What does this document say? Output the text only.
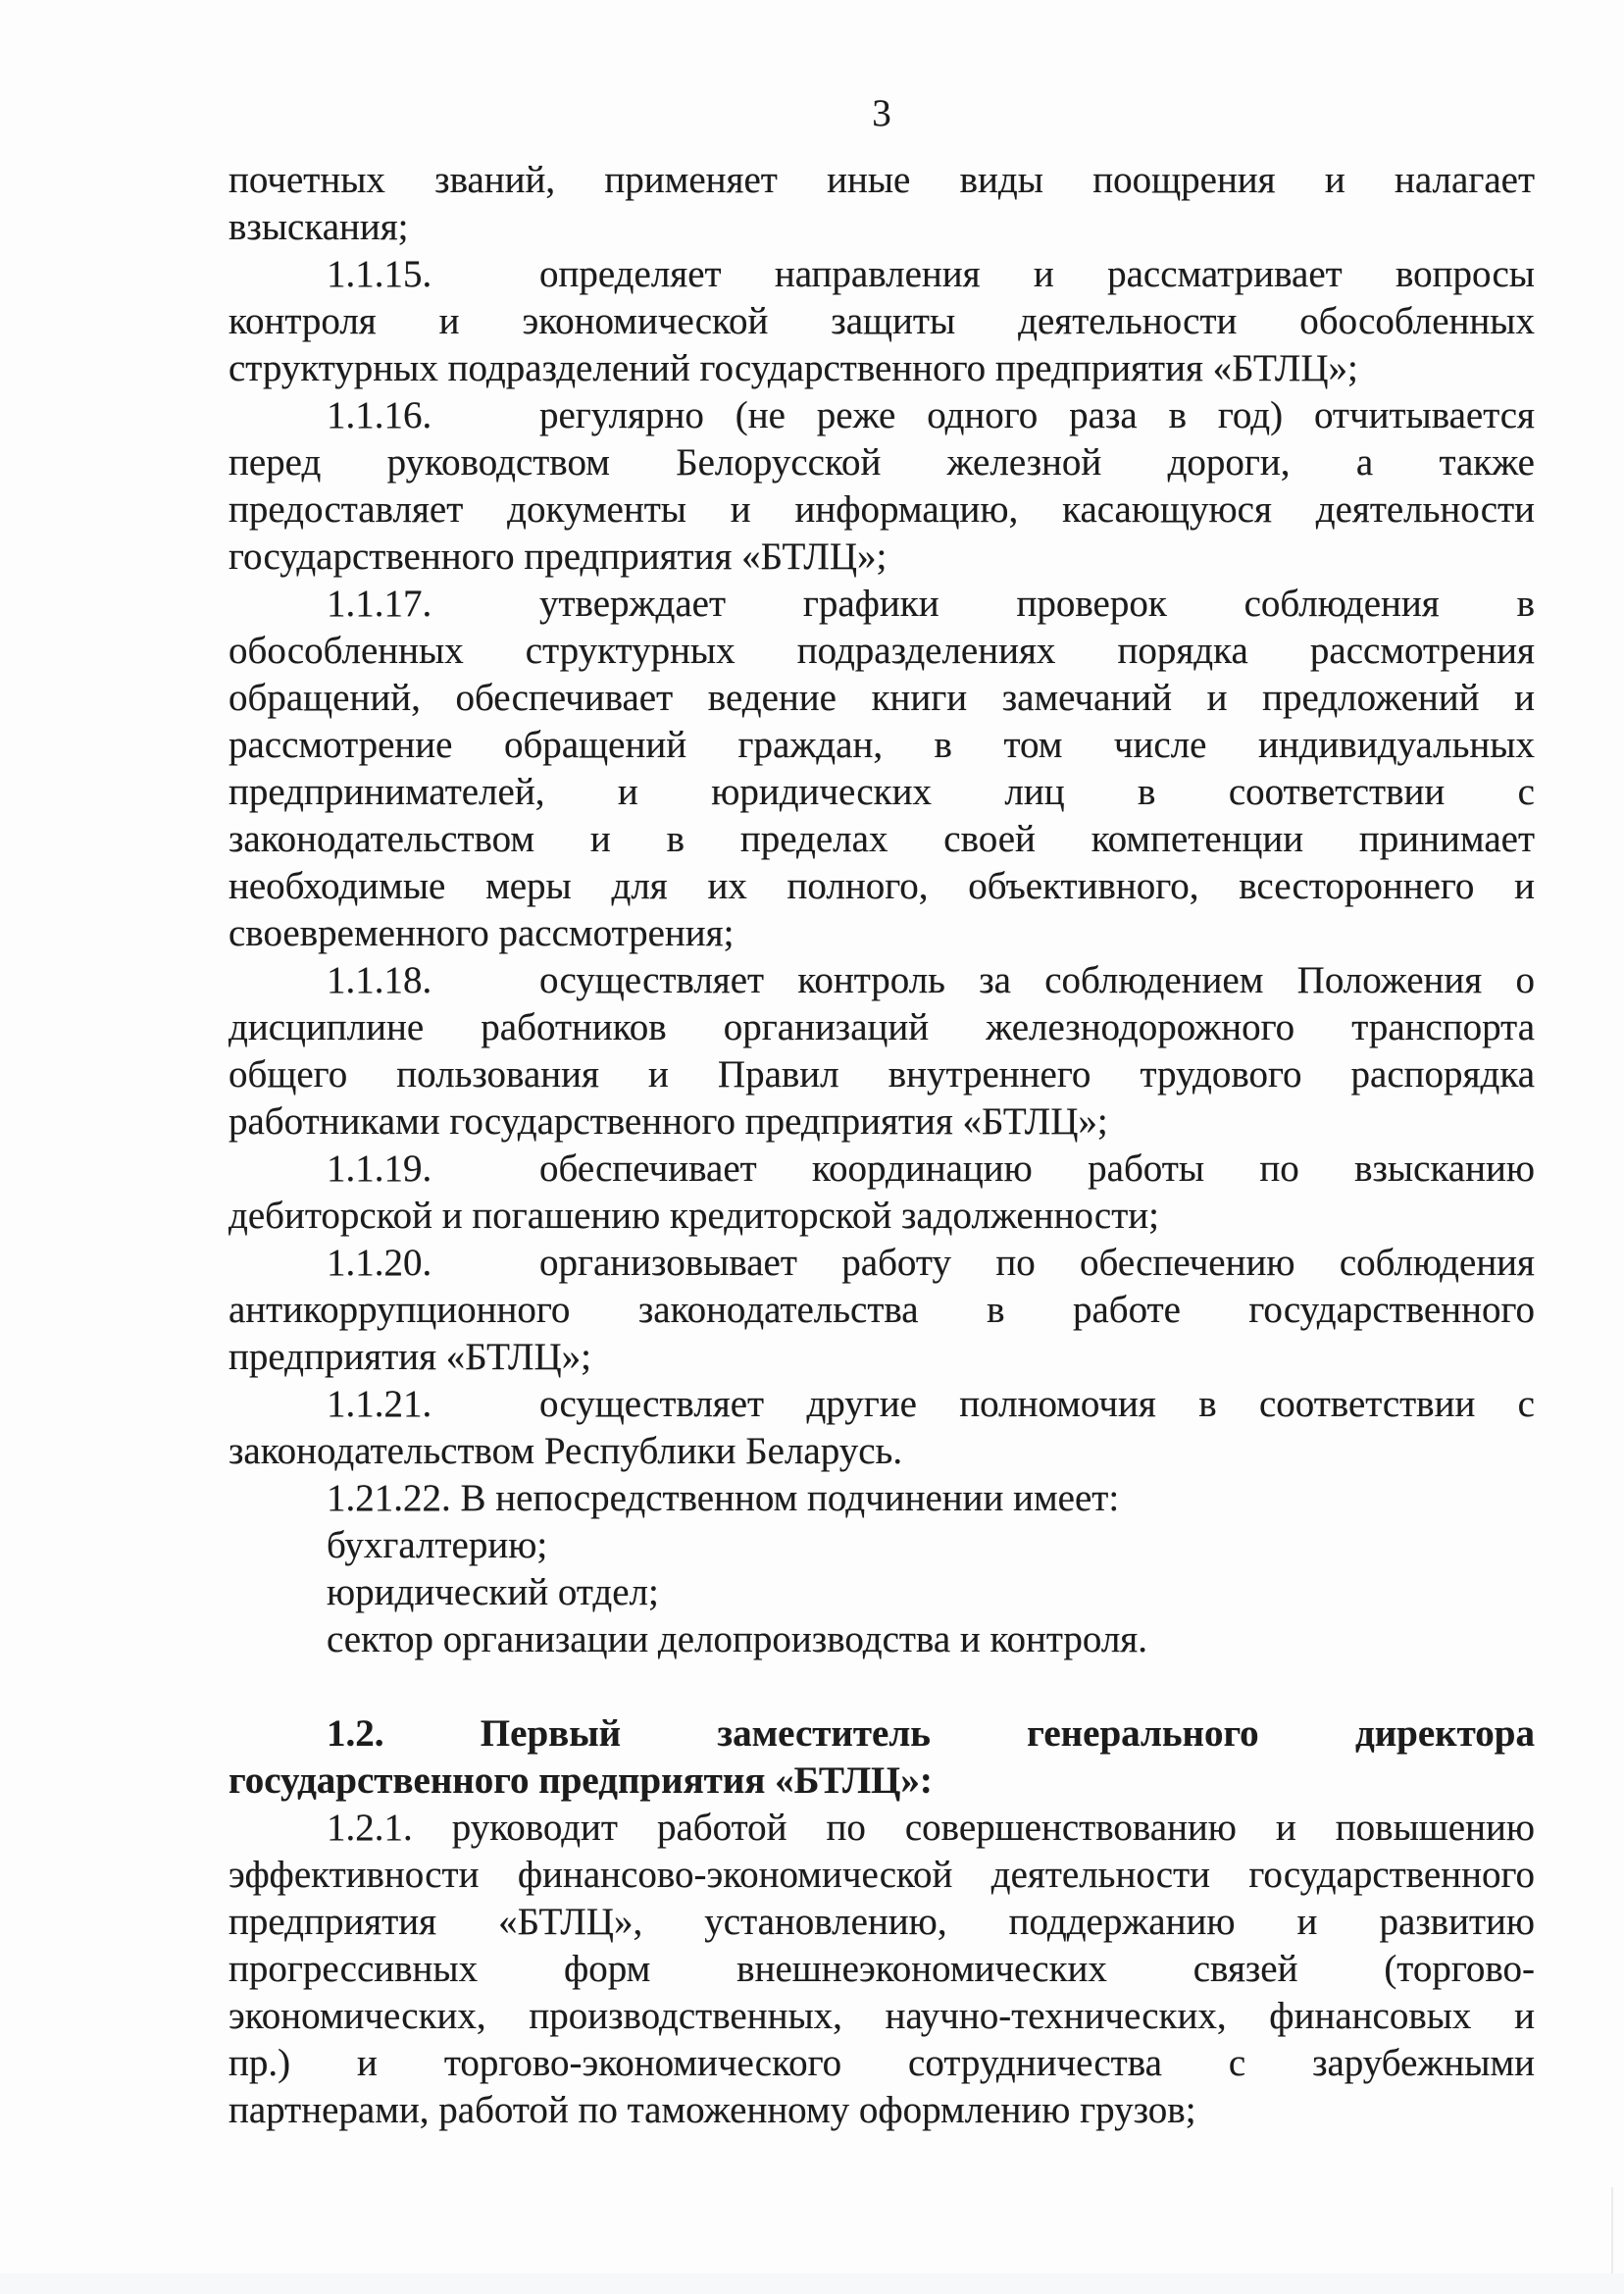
3
почетных званий, применяет иные виды поощрения и налагает
взыскания;
1.1.15.	определяет направления и рассматривает вопросы
контроля и экономической защиты деятельности обособленных
структурных подразделений государственного предприятия «БТЛЦ»;
1.1.16.	регулярно (не реже одного раза в год) отчитывается
перед руководством Белорусской железной дороги, а также
предоставляет документы и информацию, касающуюся деятельности
государственного предприятия «БТЛЦ»;
1.1.17.	утверждает графики проверок соблюдения в
обособленных структурных подразделениях порядка рассмотрения
обращений, обеспечивает ведение книги замечаний и предложений и
рассмотрение обращений граждан, в том числе индивидуальных
предпринимателей, и юридических лиц в соответствии с
законодательством и в пределах своей компетенции принимает
необходимые меры для их полного, объективного, всестороннего и
своевременного рассмотрения;
1.1.18.	осуществляет контроль за соблюдением Положения о
дисциплине работников организаций железнодорожного транспорта
общего пользования и Правил внутреннего трудового распорядка
работниками государственного предприятия «БТЛЦ»;
1.1.19.	обеспечивает координацию работы по взысканию
дебиторской и погашению кредиторской задолженности;
1.1.20.	организовывает работу по обеспечению соблюдения
антикоррупционного законодательства в работе государственного
предприятия «БТЛЦ»;
1.1.21.	осуществляет другие полномочия в соответствии с
законодательством Республики Беларусь.
1.21.22. В непосредственном подчинении имеет:
бухгалтерию;
юридический отдел;
сектор организации делопроизводства и контроля.
1.2. Первый заместитель генерального директора
государственного предприятия «БТЛЦ»:
1.2.1. руководит работой по совершенствованию и повышению
эффективности финансово-экономической деятельности государственного
предприятия «БТЛЦ», установлению, поддержанию и развитию
прогрессивных форм внешнеэкономических связей (торгово-
экономических, производственных, научно-технических, финансовых и
пр.) и торгово-экономического сотрудничества с зарубежными
партнерами, работой по таможенному оформлению грузов;
